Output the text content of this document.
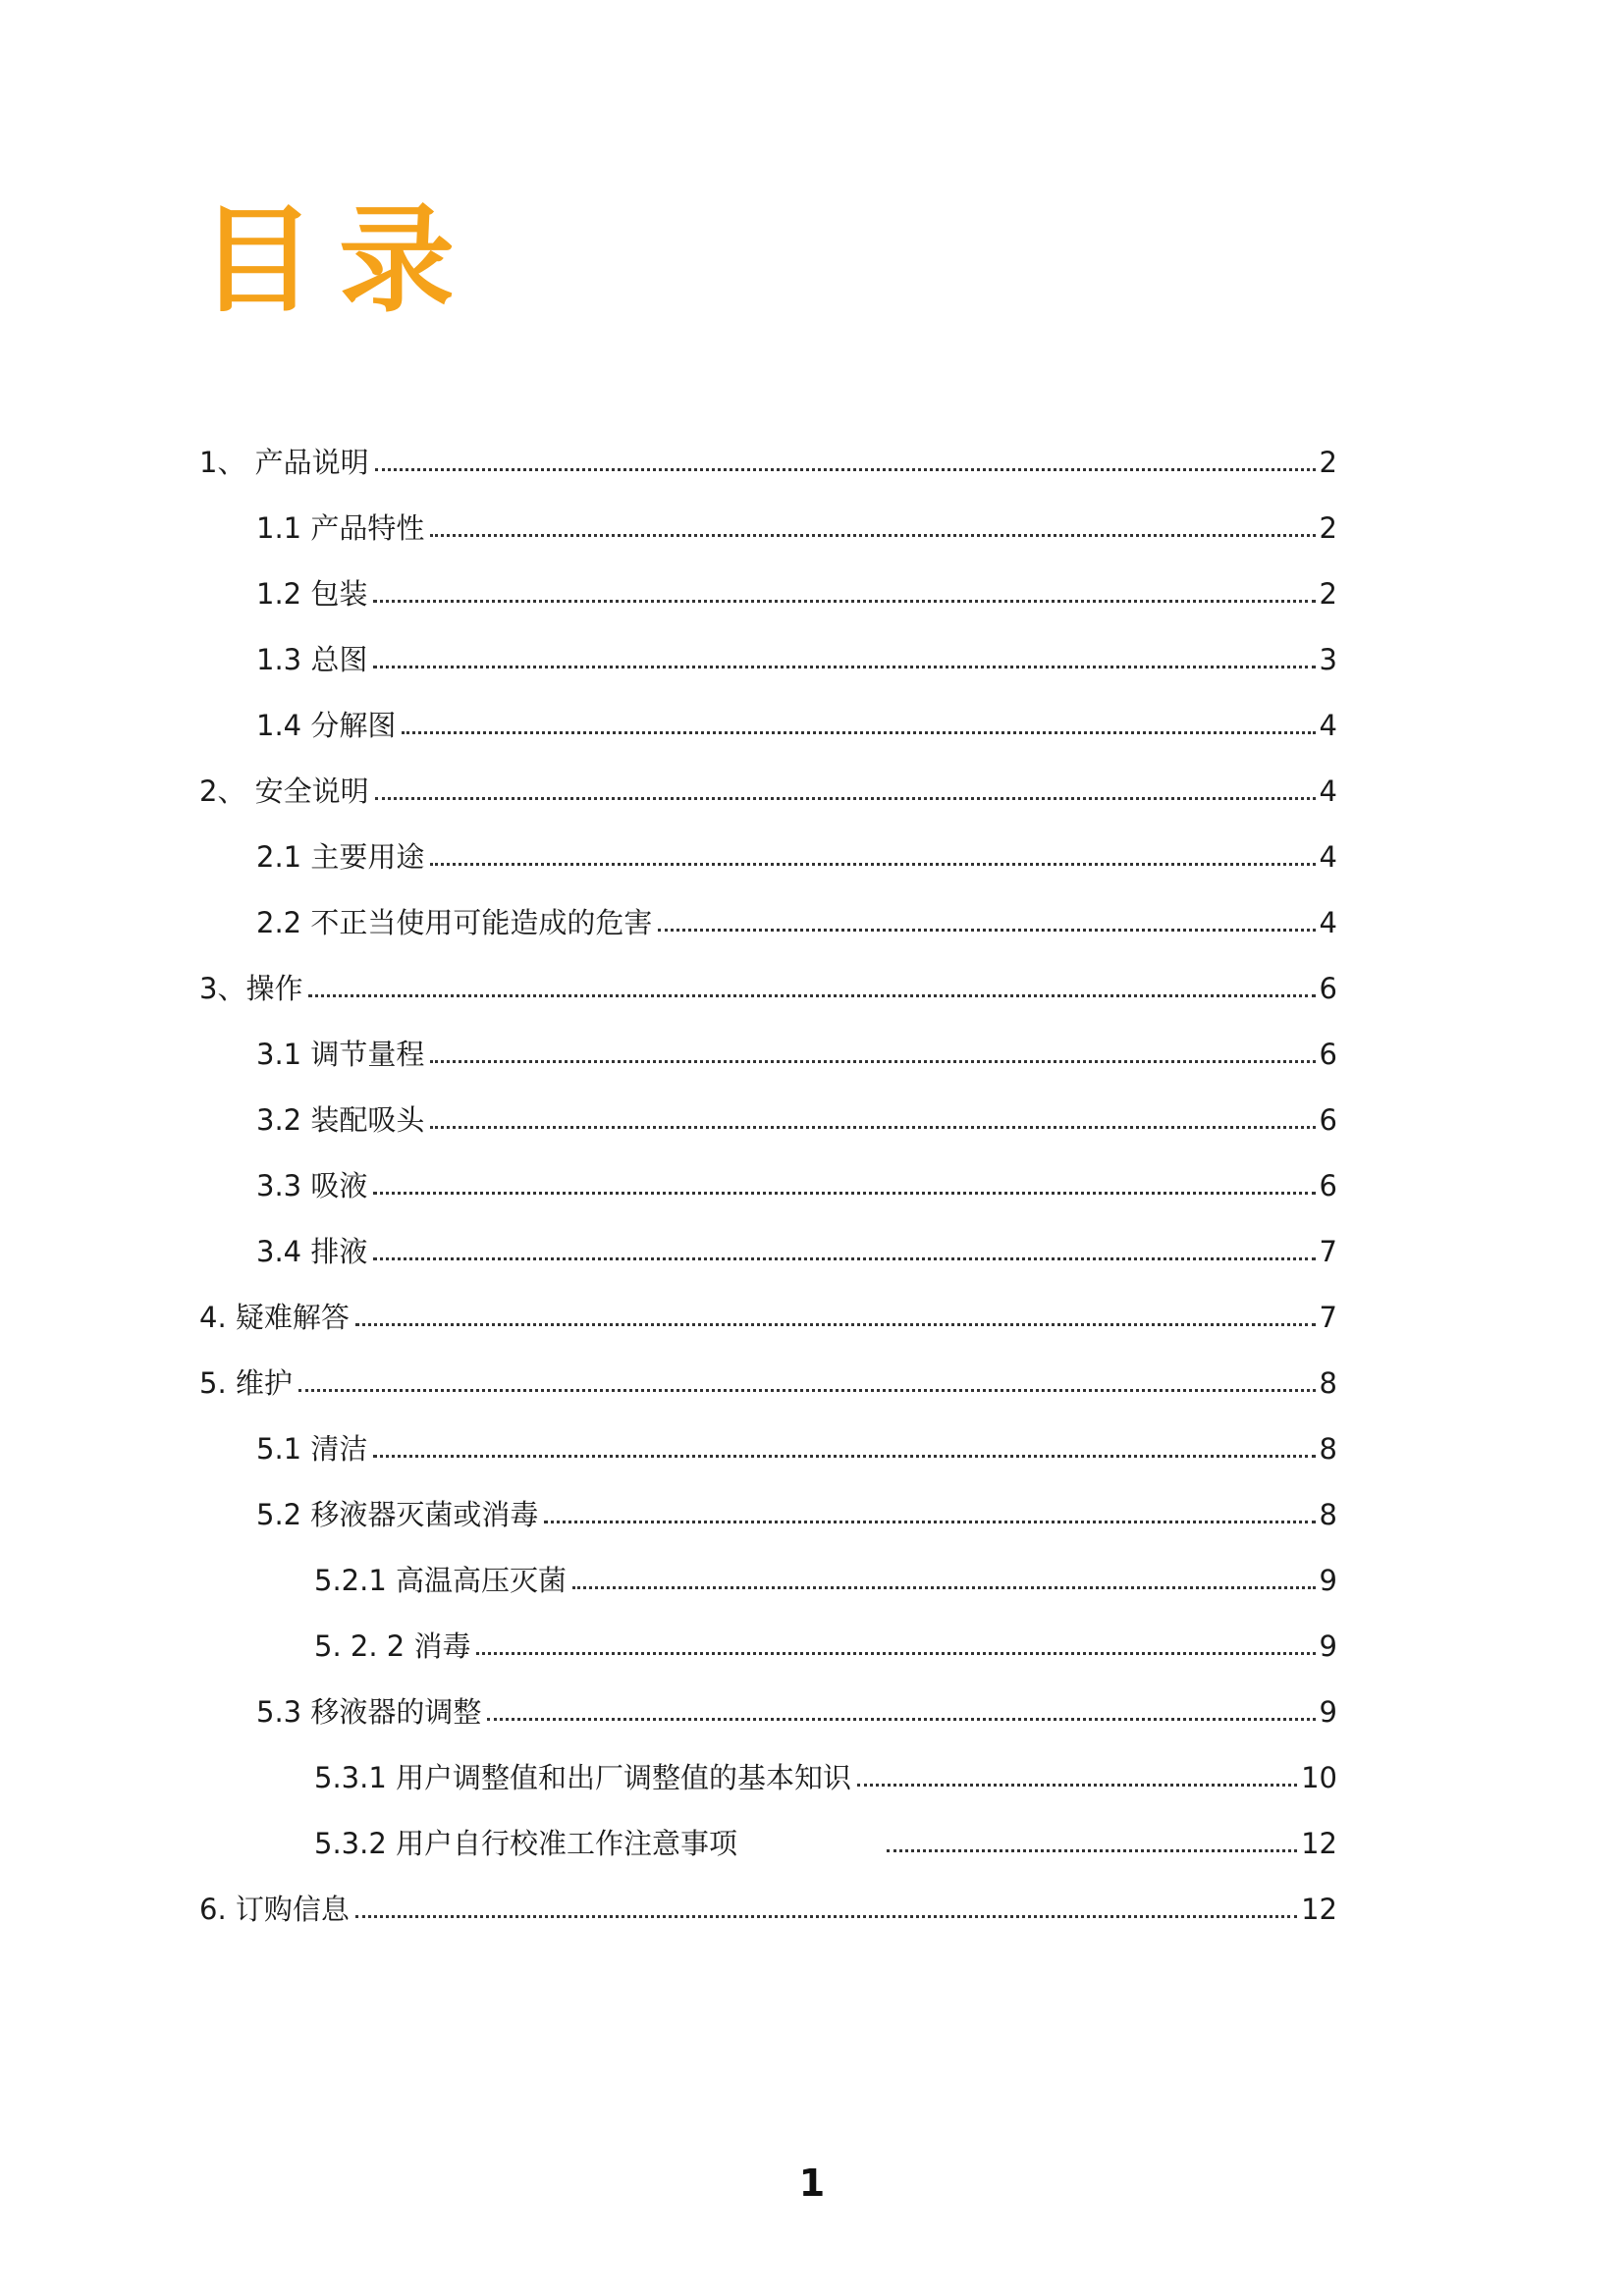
目录
1、 产品说明	2
1.1 产品特性	2
1.2 包装	2
1.3 总图	3
1.4 分解图	4
2、 安全说明	4
2.1 主要用途	4
2.2 不正当使用可能造成的危害	4
3、操作	6
3.1 调节量程	6
3.2 装配吸头	6
3.3 吸液	6
3.4 排液	7
4. 疑难解答	7
5. 维护	8
5.1 清洁	8
5.2 移液器灭菌或消毒	8
5.2.1 高温高压灭菌	9
5. 2. 2 消毒	9
5.3 移液器的调整	9
5.3.1 用户调整值和出厂调整值的基本知识	10
5.3.2 用户自行校准工作注意事项	12
6. 订购信息	12
1
